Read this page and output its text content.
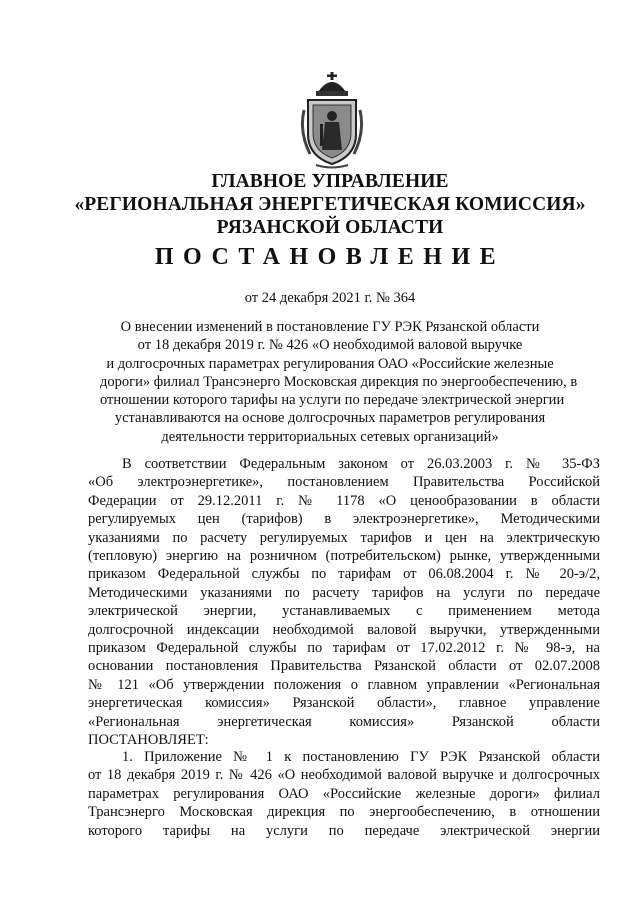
ГЛАВНОЕ УПРАВЛЕНИЕ
«РЕГИОНАЛЬНАЯ ЭНЕРГЕТИЧЕСКАЯ КОМИССИЯ»
РЯЗАНСКОЙ ОБЛАСТИ
ПОСТАНОВЛЕНИЕ
от 24 декабря 2021 г. № 364
О внесении изменений в постановление ГУ РЭК Рязанской области
от 18 декабря 2019 г. № 426 «О необходимой валовой выручке
и долгосрочных параметрах регулирования ОАО «Российские железные
дороги» филиал Трансэнерго Московская дирекция по энергообеспечению, в
отношении которого тарифы на услуги по передаче электрической энергии
устанавливаются на основе долгосрочных параметров регулирования
деятельности территориальных сетевых организаций»
В соответствии Федеральным законом от 26.03.2003 г. № 35-ФЗ
«Об электроэнергетике», постановлением Правительства Российской
Федерации от 29.12.2011 г. № 1178 «О ценообразовании в области
регулируемых цен (тарифов) в электроэнергетике», Методическими
указаниями по расчету регулируемых тарифов и цен на электрическую
(тепловую) энергию на розничном (потребительском) рынке, утвержденными
приказом Федеральной службы по тарифам от 06.08.2004 г. № 20-э/2,
Методическими указаниями по расчету тарифов на услуги по передаче
электрической энергии, устанавливаемых с применением метода
долгосрочной индексации необходимой валовой выручки, утвержденными
приказом Федеральной службы по тарифам от 17.02.2012 г. № 98-э, на
основании постановления Правительства Рязанской области от 02.07.2008
№ 121 «Об утверждении положения о главном управлении «Региональная
энергетическая комиссия» Рязанской области», главное управление
«Региональная энергетическая комиссия» Рязанской области
ПОСТАНОВЛЯЕТ:
1. Приложение № 1 к постановлению ГУ РЭК Рязанской области
от 18 декабря 2019 г. № 426 «О необходимой валовой выручке и долгосрочных
параметрах регулирования ОАО «Российские железные дороги» филиал
Трансэнерго Московская дирекция по энергообеспечению, в отношении
которого тарифы на услуги по передаче электрической энергии
